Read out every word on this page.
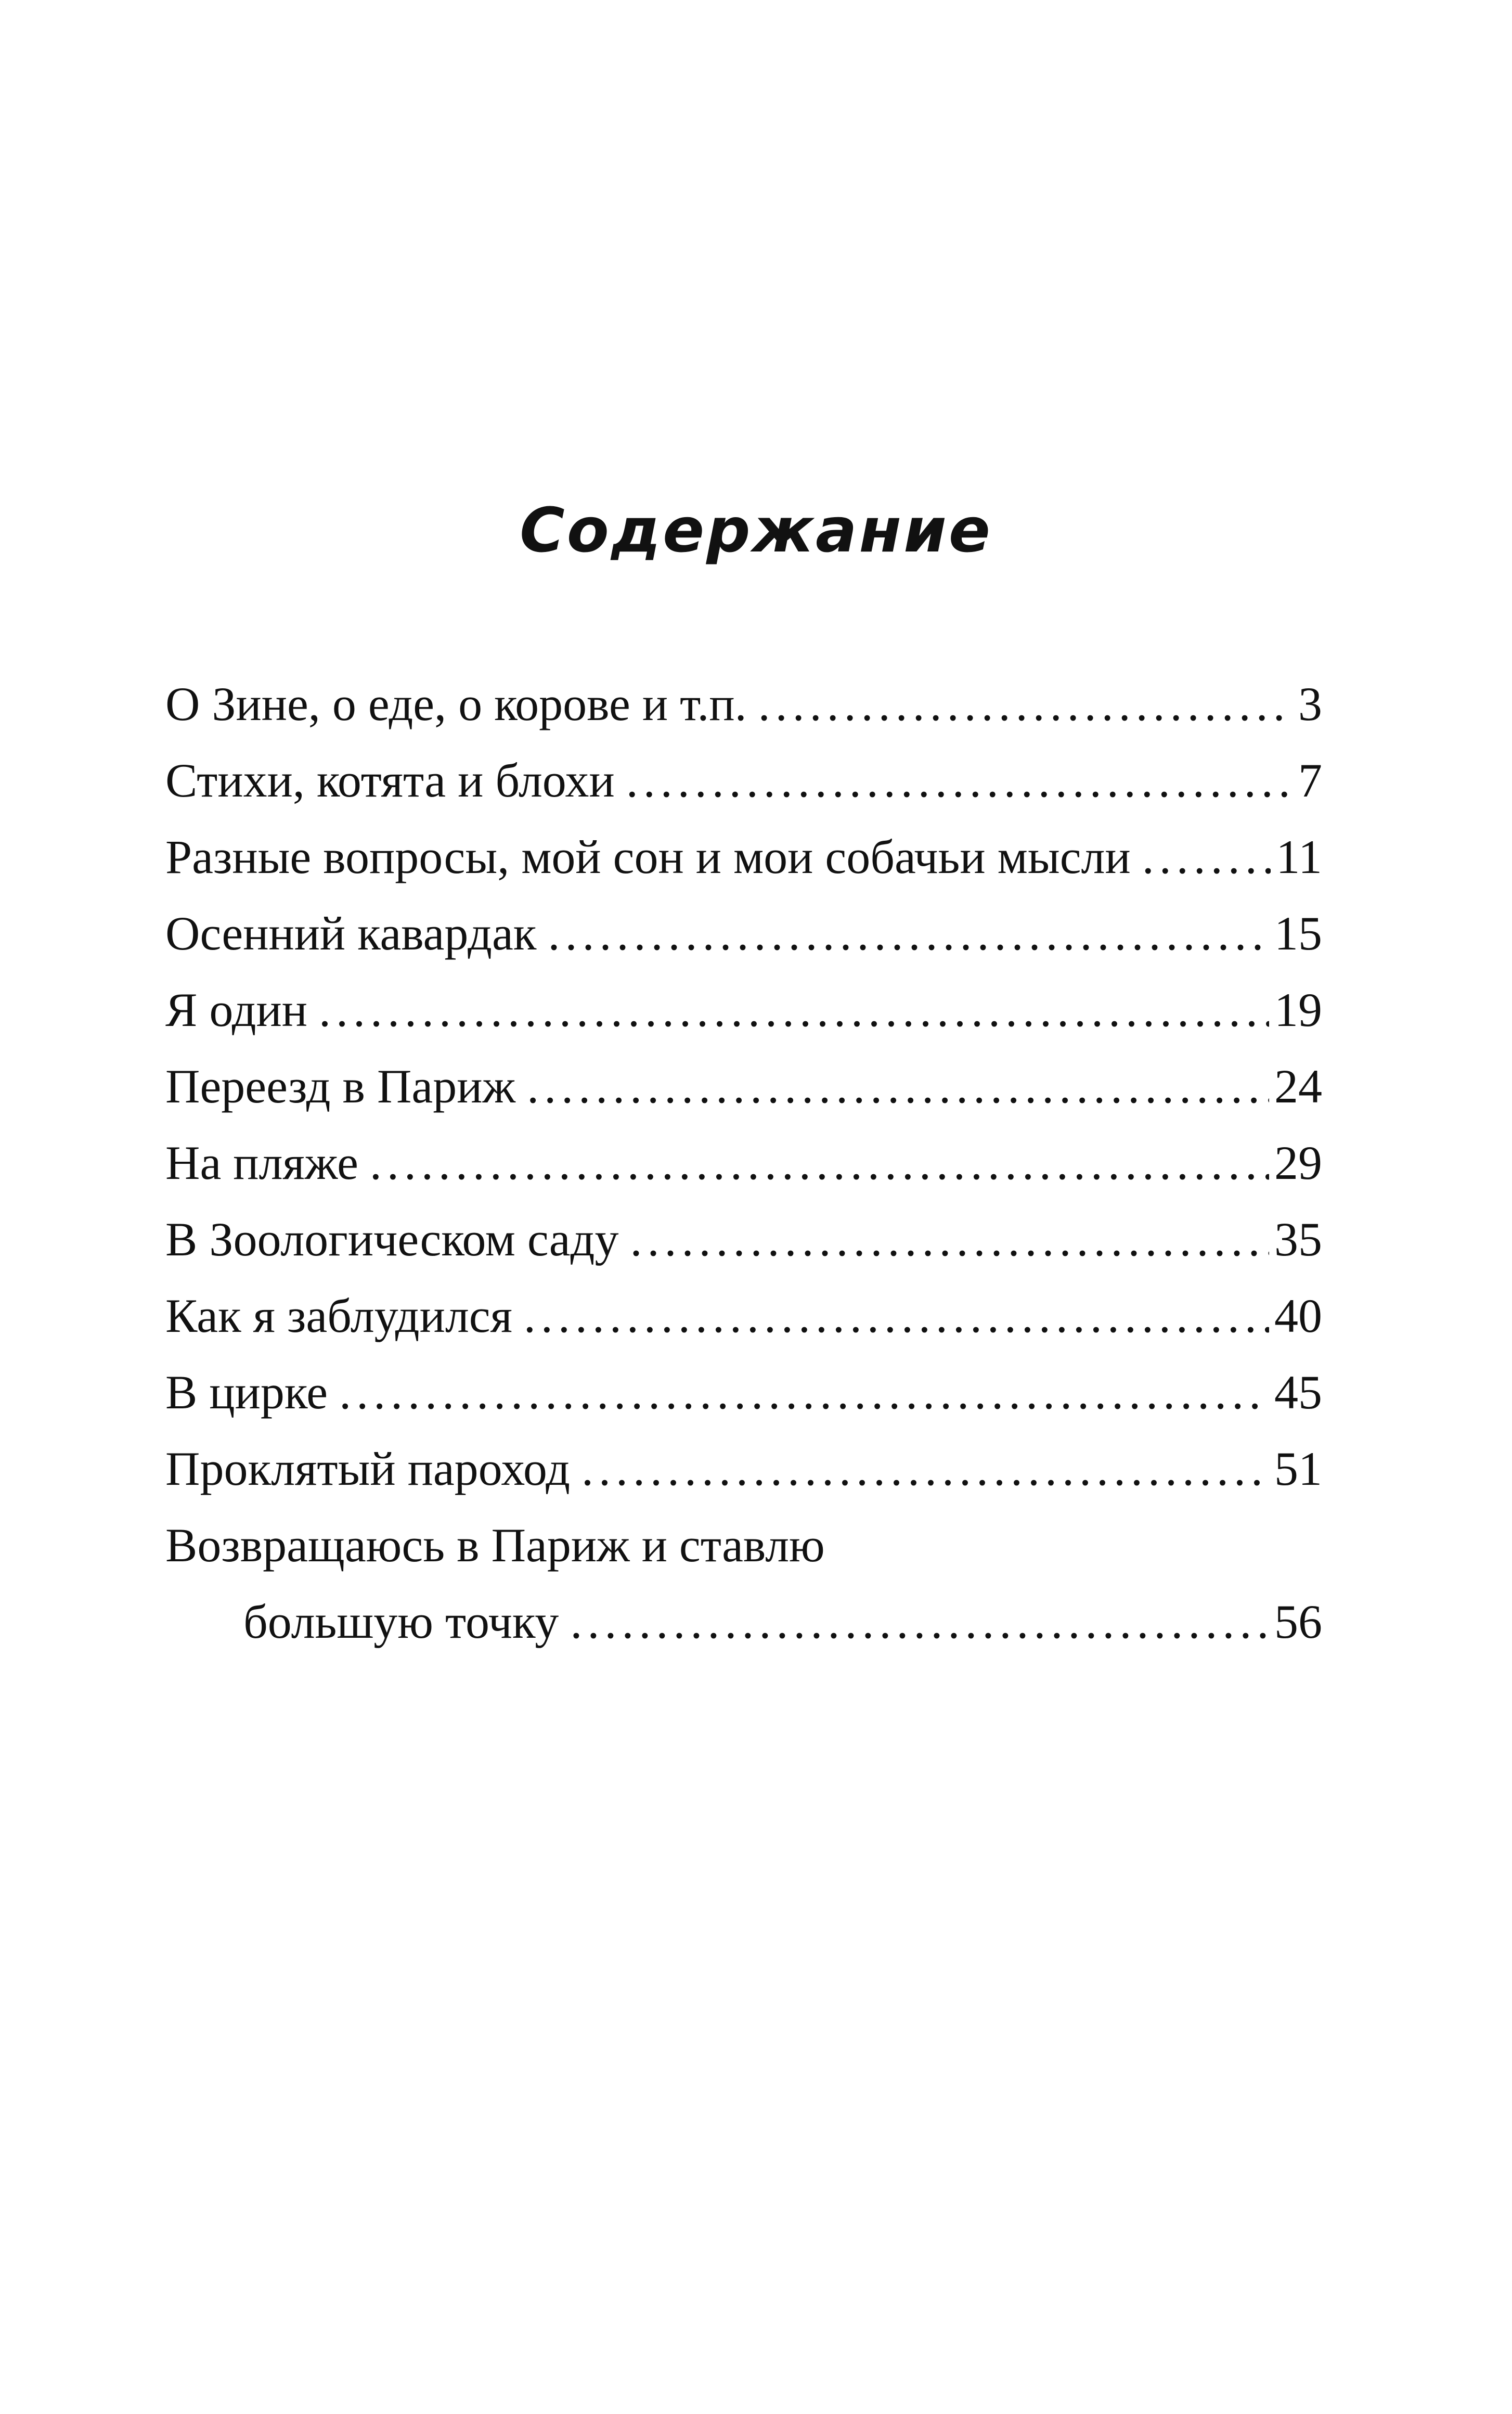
Содержание
О Зине, о еде, о корове и т.п. .....	3
Стихи, котята и блохи .....	7
Разные вопросы, мой сон и мои собачьи мысли .....	11
Осенний кавардак .....	15
Я один .....	19
Переезд в Париж .....	24
На пляже .....	29
В Зоологическом саду .....	35
Как я заблудился .....	40
В цирке .....	45
Проклятый пароход .....	51
Возвращаюсь в Париж и ставлю
большую точку .....	56
